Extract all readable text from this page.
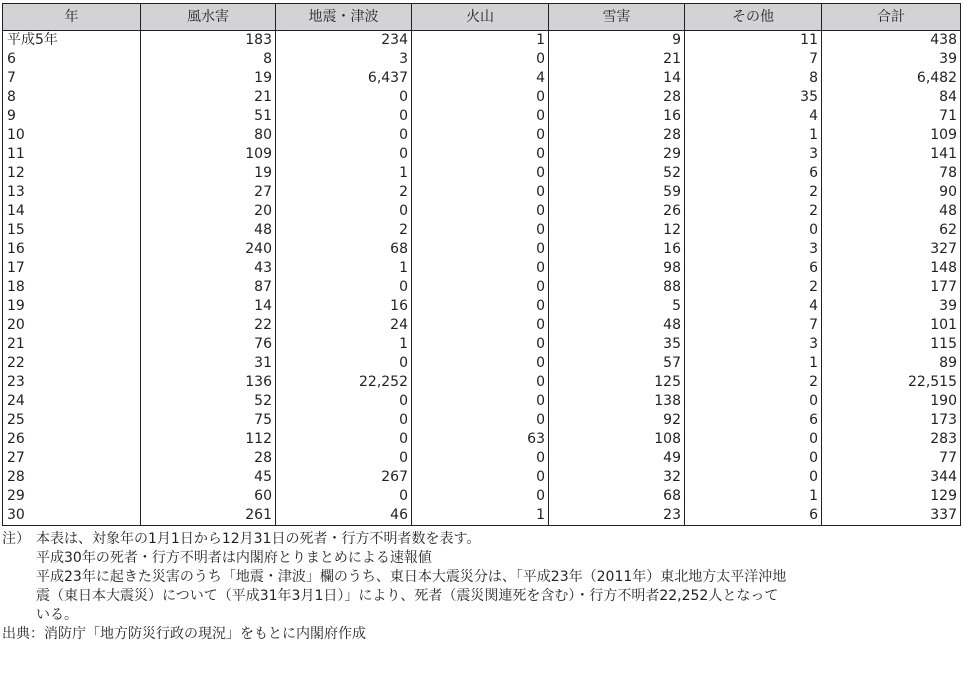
年	風水害	地震・津波	火山	雪害	その他	合計
平成5年	183	234	1	9	11	438
6	8	3	0	21	7	39
7	19	6,437	4	14	8	6,482
8	21	0	0	28	35	84
9	51	0	0	16	4	71
10	80	0	0	28	1	109
11	109	0	0	29	3	141
12	19	1	0	52	6	78
13	27	2	0	59	2	90
14	20	0	0	26	2	48
15	48	2	0	12	0	62
16	240	68	0	16	3	327
17	43	1	0	98	6	148
18	87	0	0	88	2	177
19	14	16	0	5	4	39
20	22	24	0	48	7	101
21	76	1	0	35	3	115
22	31	0	0	57	1	89
23	136	22,252	0	125	2	22,515
24	52	0	0	138	0	190
25	75	0	0	92	6	173
26	112	0	63	108	0	283
27	28	0	0	49	0	77
28	45	267	0	32	0	344
29	60	0	0	68	1	129
30	261	46	1	23	6	337
注） 本表は、対象年の1月1日から12月31日の死者・行方不明者数を表す。

平成30年の死者・行方不明者は内閣府とりまとめによる速報値

平成23年に起きた災害のうち「地震・津波」欄のうち、東日本大震災分は、「平成23年（2011年）東北地方太平洋沖地

震（東日本大震災）について（平成31年3月1日）」により、死者（震災関連死を含む）・行方不明者22,252人となって

いる。

出典： 消防庁「地方防災行政の現況」をもとに内閣府作成
